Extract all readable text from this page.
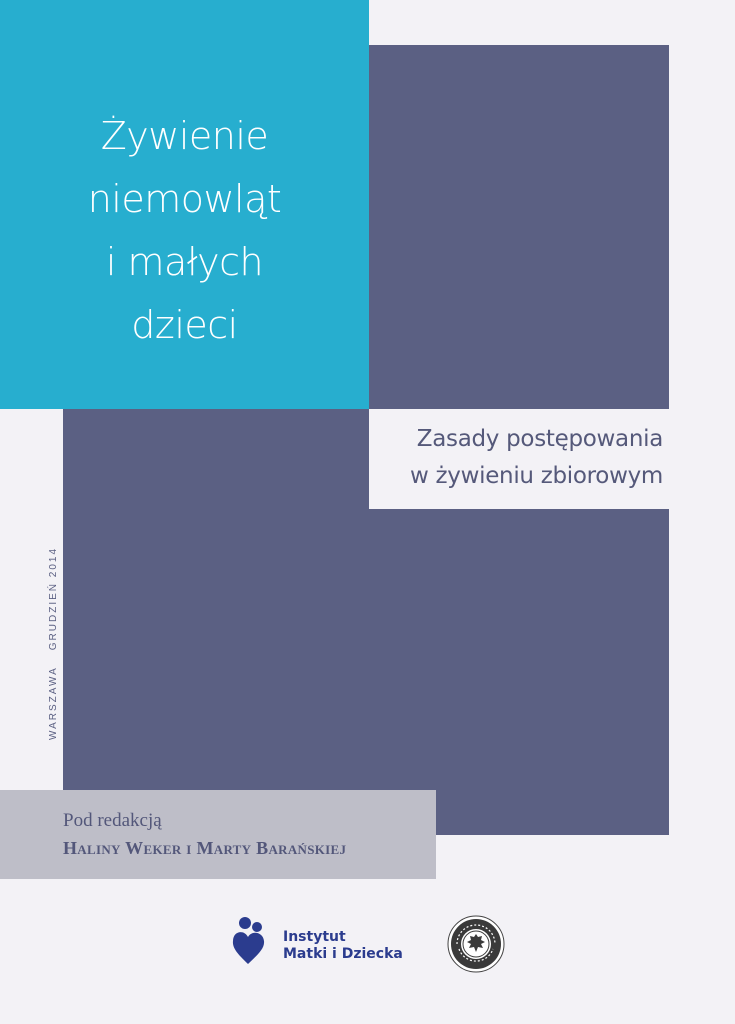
Żywienie
niemowląt
i małych
dzieci
Zasady postępowania
w żywieniu zbiorowym
WARSZAWAGRUDZIEŃ 2014
Pod redakcją
Haliny Weker i Marty Barańskiej
Instytut
Matki i Dziecka
